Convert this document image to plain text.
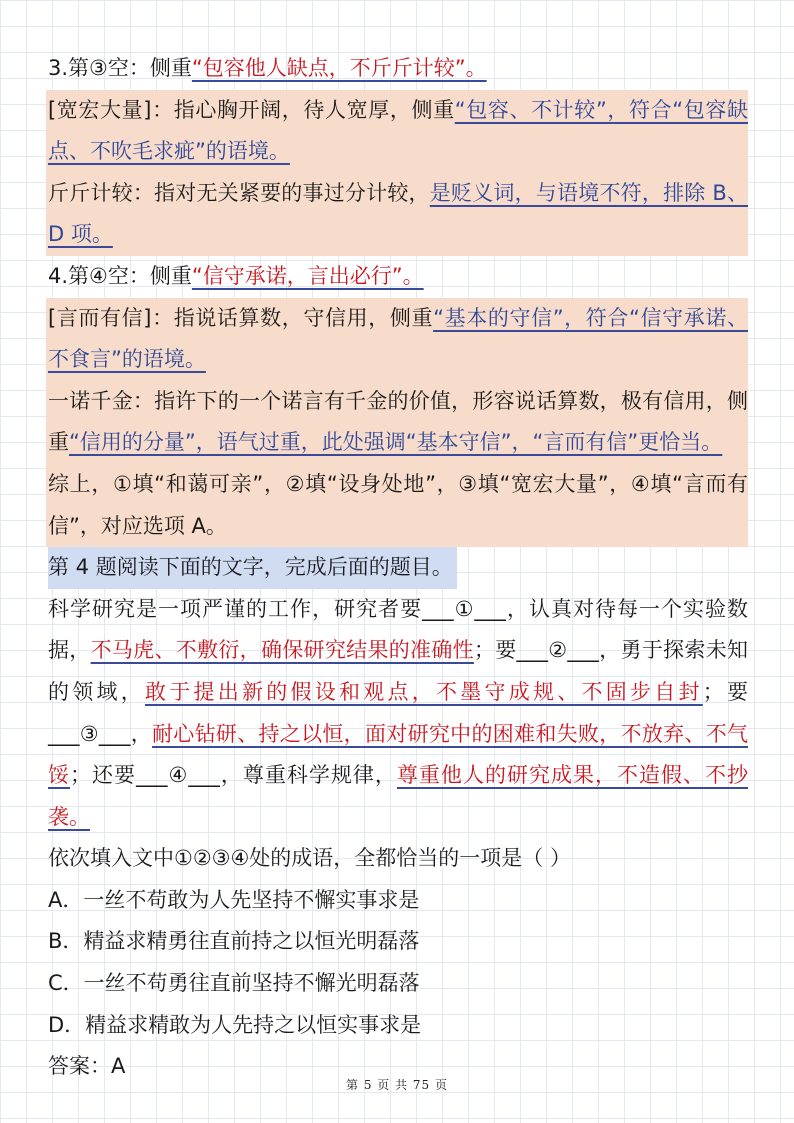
3.第③空：侧重“包容他人缺点，不斤斤计较”。

[宽宏大量]：指心胸开阔，待人宽厚，侧重“包容、不计较”，符合“包容缺点、不吹毛求疵”的语境。

斤斤计较：指对无关紧要的事过分计较，是贬义词，与语境不符，排除 B、D 项。

4.第④空：侧重“信守承诺，言出必行”。

[言而有信]：指说话算数，守信用，侧重“基本的守信”，符合“信守承诺、不食言”的语境。

一诺千金：指许下的一个诺言有千金的价值，形容说话算数，极有信用，侧重“信用的分量”，语气过重，此处强调“基本守信”，“言而有信”更恰当。

综上，①填“和蔼可亲”，②填“设身处地”，③填“宽宏大量”，④填“言而有信”，对应选项 A。

第 4 题阅读下面的文字，完成后面的题目。

科学研究是一项严谨的工作，研究者要___①___，认真对待每一个实验数据，不马虎、不敷衍，确保研究结果的准确性；要___②___，勇于探索未知的领域，敢于提出新的假设和观点，不墨守成规、不固步自封；要___③___，耐心钻研、持之以恒，面对研究中的困难和失败，不放弃、不气馁；还要___④___，尊重科学规律，尊重他人的研究成果，不造假、不抄袭。

依次填入文中①②③④处的成语，全都恰当的一项是（ ）

A．一丝不苟敢为人先坚持不懈实事求是

B．精益求精勇往直前持之以恒光明磊落

C．一丝不苟勇往直前坚持不懈光明磊落

D．精益求精敢为人先持之以恒实事求是

答案：A

第 5 页 共 75 页
